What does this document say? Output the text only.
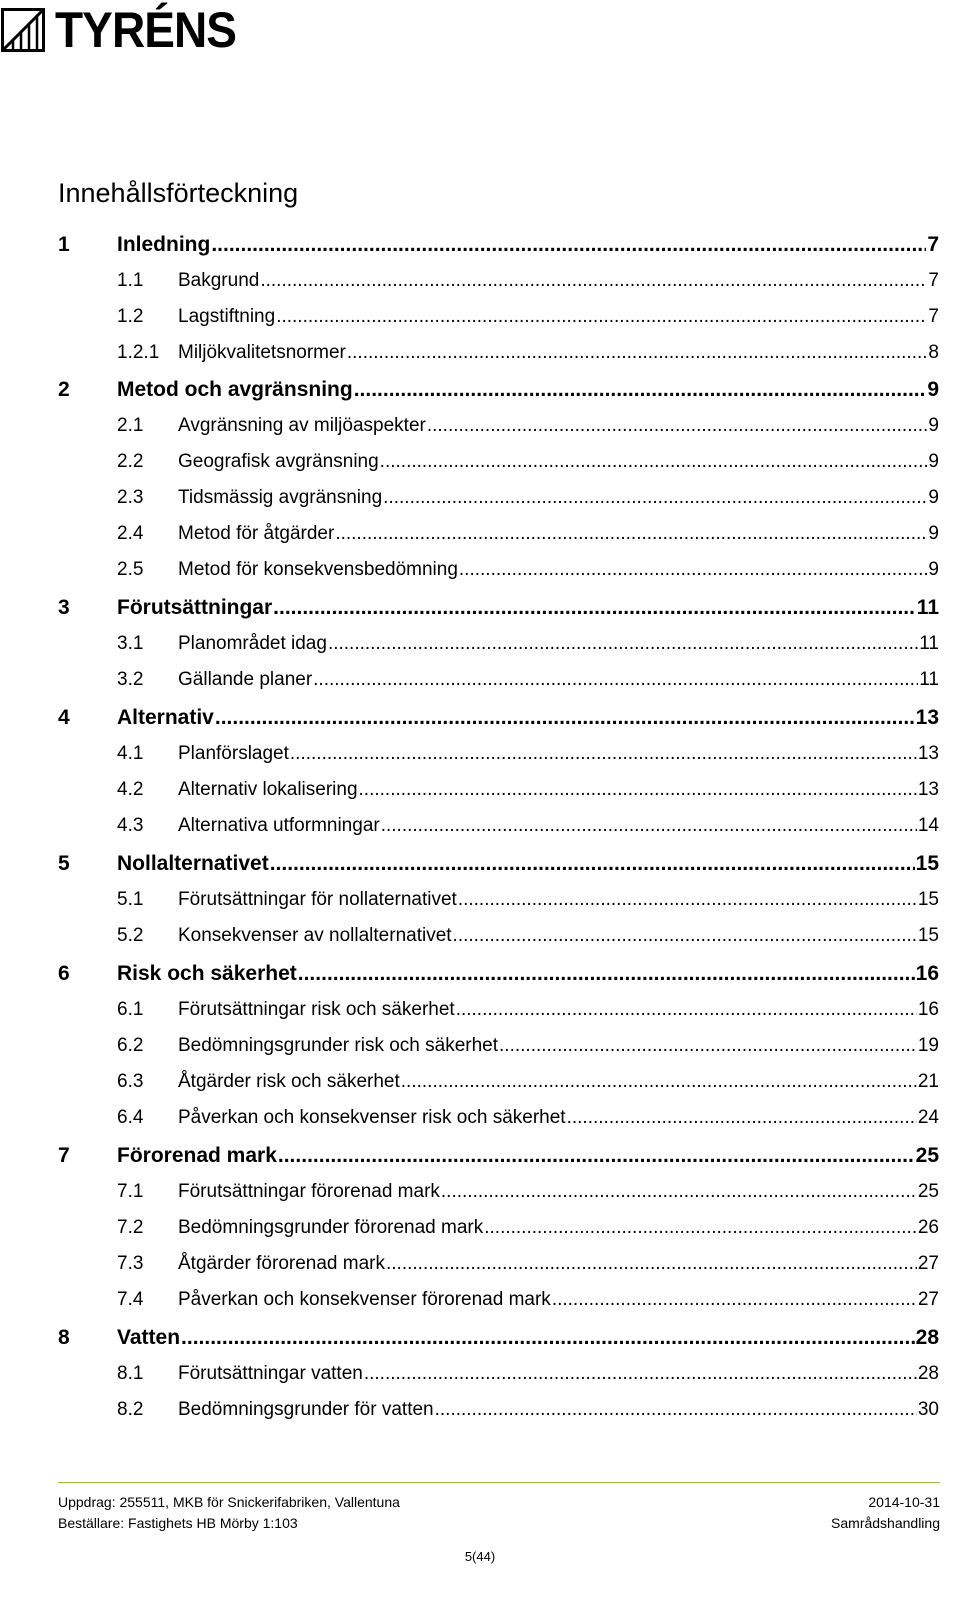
TYRÉNS
Innehållsförteckning
1 Inledning .....	7
1.1 Bakgrund .....	7
1.2 Lagstiftning .....	7
1.2.1 Miljökvalitetsnormer .....	8
2 Metod och avgränsning .....	9
2.1 Avgränsning av miljöaspekter .....	9
2.2 Geografisk avgränsning .....	9
2.3 Tidsmässig avgränsning .....	9
2.4 Metod för åtgärder .....	9
2.5 Metod för konsekvensbedömning .....	9
3 Förutsättningar .....	11
3.1 Planområdet idag .....	11
3.2 Gällande planer .....	11
4 Alternativ .....	13
4.1 Planförslaget .....	13
4.2 Alternativ lokalisering .....	13
4.3 Alternativa utformningar .....	14
5 Nollalternativet .....	15
5.1 Förutsättningar för nollaternativet .....	15
5.2 Konsekvenser av nollalternativet .....	15
6 Risk och säkerhet .....	16
6.1 Förutsättningar risk och säkerhet .....	16
6.2 Bedömningsgrunder risk och säkerhet .....	19
6.3 Åtgärder risk och säkerhet .....	21
6.4 Påverkan och konsekvenser risk och säkerhet .....	24
7 Förorenad mark .....	25
7.1 Förutsättningar förorenad mark .....	25
7.2 Bedömningsgrunder förorenad mark .....	26
7.3 Åtgärder förorenad mark .....	27
7.4 Påverkan och konsekvenser förorenad mark .....	27
8 Vatten .....	28
8.1 Förutsättningar vatten .....	28
8.2 Bedömningsgrunder för vatten .....	30
Uppdrag: 255511, MKB för Snickerifabriken, Vallentuna
Beställare: Fastighets HB Mörby 1:103
2014-10-31
Samrådshandling
5(44)
